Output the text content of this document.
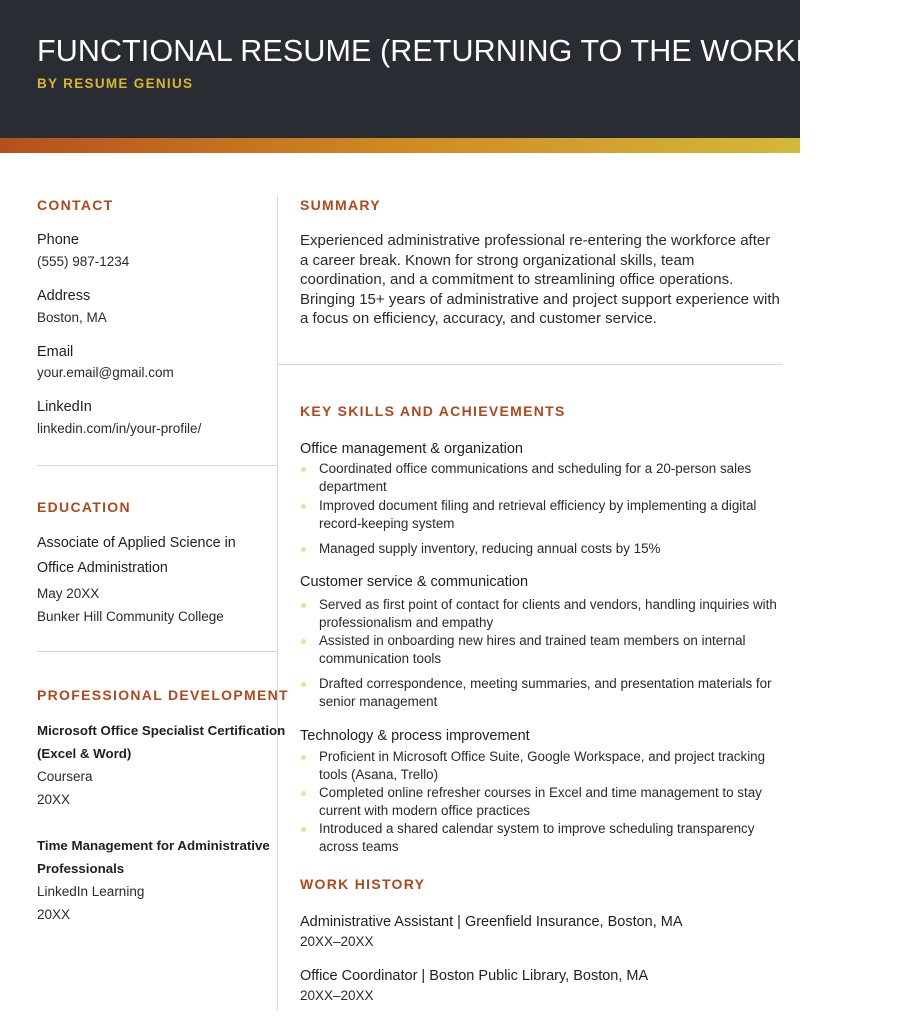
FUNCTIONAL RESUME (RETURNING TO THE WORKFORCE)
BY RESUME GENIUS
CONTACT
Phone
(555) 987-1234
Address
Boston, MA
Email
your.email@gmail.com
LinkedIn
linkedin.com/in/your-profile/
EDUCATION
Associate of Applied Science in
Office Administration
May 20XX
Bunker Hill Community College
PROFESSIONAL DEVELOPMENT
Microsoft Office Specialist Certification
(Excel & Word)
Coursera
20XX
Time Management for Administrative
Professionals
LinkedIn Learning
20XX
SUMMARY
Experienced administrative professional re-entering the workforce after a career break. Known for strong organizational skills, team coordination, and a commitment to streamlining office operations. Bringing 15+ years of administrative and project support experience with a focus on efficiency, accuracy, and customer service.
KEY SKILLS AND ACHIEVEMENTS
Office management & organization
Coordinated office communications and scheduling for a 20-person sales department
Improved document filing and retrieval efficiency by implementing a digital record-keeping system
Managed supply inventory, reducing annual costs by 15%
Customer service & communication
Served as first point of contact for clients and vendors, handling inquiries with professionalism and empathy
Assisted in onboarding new hires and trained team members on internal communication tools
Drafted correspondence, meeting summaries, and presentation materials for senior management
Technology & process improvement
Proficient in Microsoft Office Suite, Google Workspace, and project tracking tools (Asana, Trello)
Completed online refresher courses in Excel and time management to stay current with modern office practices
Introduced a shared calendar system to improve scheduling transparency across teams
WORK HISTORY
Administrative Assistant | Greenfield Insurance, Boston, MA
20XX–20XX
Office Coordinator | Boston Public Library, Boston, MA
20XX–20XX
